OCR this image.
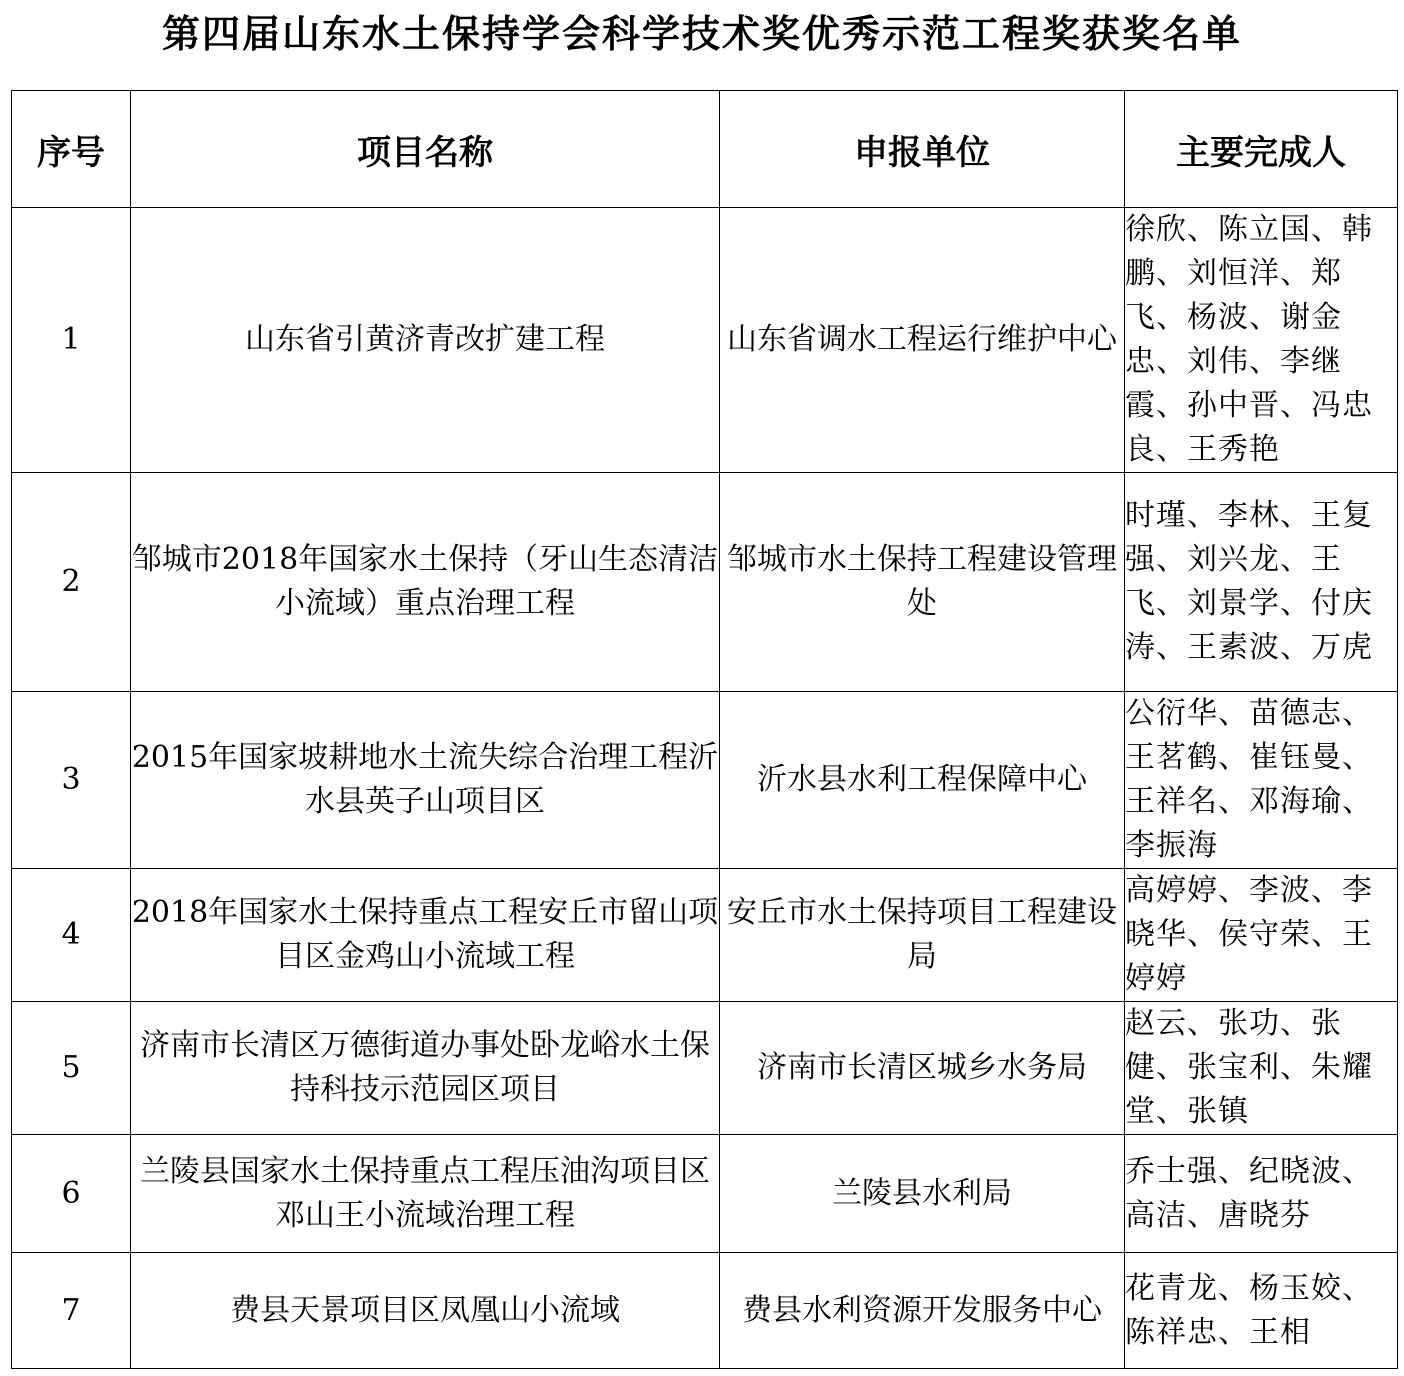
第四届山东水土保持学会科学技术奖优秀示范工程奖获奖名单
序号	项目名称	申报单位	主要完成人
1	山东省引黄济青改扩建工程	山东省调水工程运行维护中心	徐欣、陈立国、韩鹏、刘恒洋、郑飞、杨波、谢金忠、刘伟、李继霞、孙中晋、冯忠良、王秀艳
2	邹城市2018年国家水土保持（牙山生态清洁小流域）重点治理工程	邹城市水土保持工程建设管理处	时瑾、李林、王复强、刘兴龙、王飞、刘景学、付庆涛、王素波、万虎
3	2015年国家坡耕地水土流失综合治理工程沂水县英子山项目区	沂水县水利工程保障中心	公衍华、苗德志、王茗鹤、崔钰曼、王祥名、邓海瑜、李振海
4	2018年国家水土保持重点工程安丘市留山项目区金鸡山小流域工程	安丘市水土保持项目工程建设局	高婷婷、李波、李晓华、侯守荣、王婷婷
5	济南市长清区万德街道办事处卧龙峪水土保持科技示范园区项目	济南市长清区城乡水务局	赵云、张功、张健、张宝利、朱耀堂、张镇
6	兰陵县国家水土保持重点工程压油沟项目区邓山王小流域治理工程	兰陵县水利局	乔士强、纪晓波、高洁、唐晓芬
7	费县天景项目区凤凰山小流域	费县水利资源开发服务中心	花青龙、杨玉姣、陈祥忠、王相
